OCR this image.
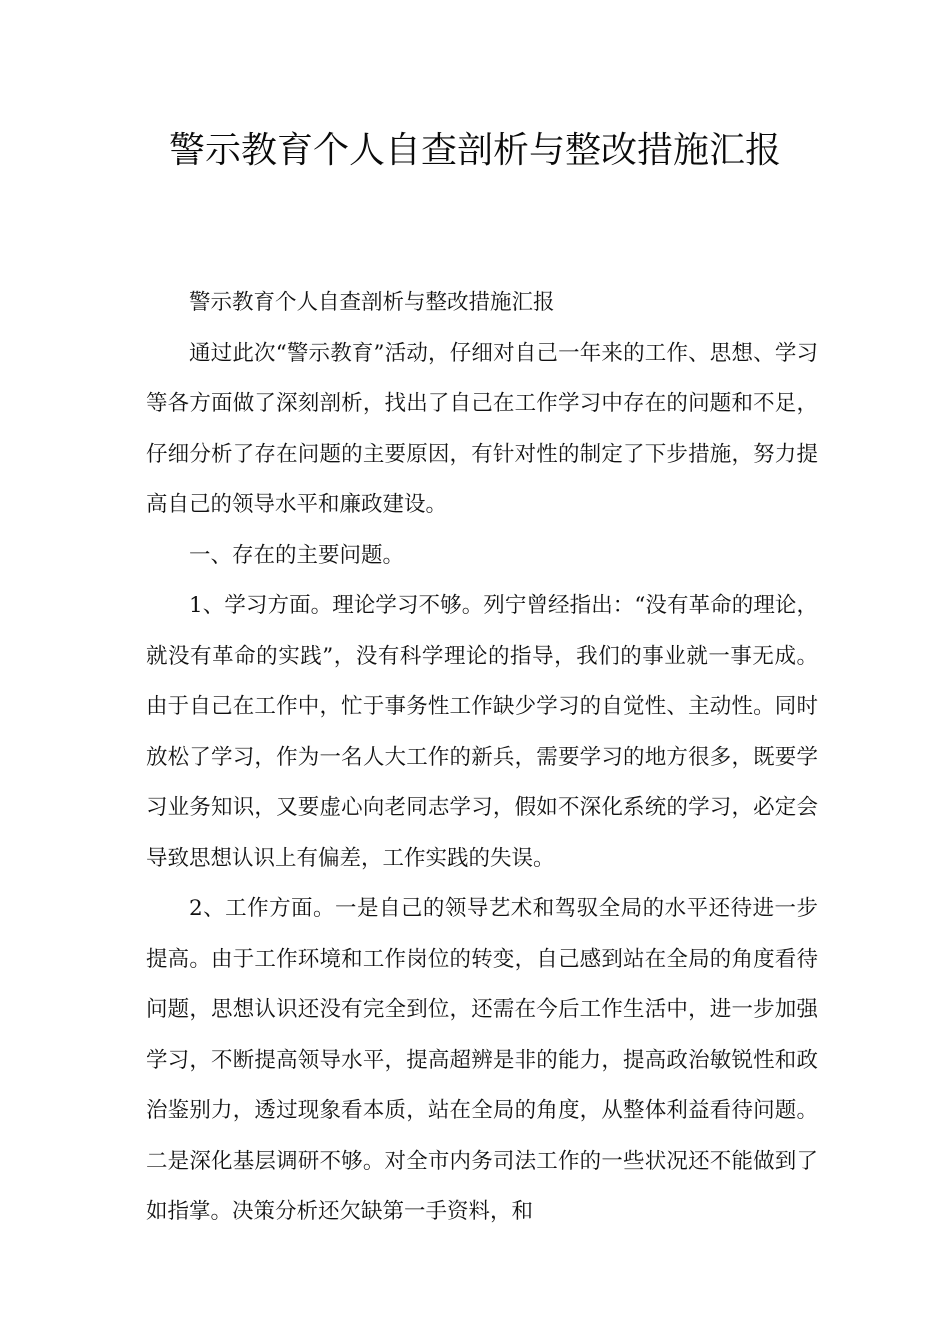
警示教育个人自查剖析与整改措施汇报

警示教育个人自查剖析与整改措施汇报

通过此次“警示教育”活动，仔细对自己一年来的工作、思想、学习等各方面做了深刻剖析，找出了自己在工作学习中存在的问题和不足，仔细分析了存在问题的主要原因，有针对性的制定了下步措施，努力提高自己的领导水平和廉政建设。

一、存在的主要问题。

1、学习方面。理论学习不够。列宁曾经指出：“没有革命的理论，就没有革命的实践”，没有科学理论的指导，我们的事业就一事无成。由于自己在工作中，忙于事务性工作缺少学习的自觉性、主动性。同时放松了学习，作为一名人大工作的新兵，需要学习的地方很多，既要学习业务知识，又要虚心向老同志学习，假如不深化系统的学习，必定会导致思想认识上有偏差，工作实践的失误。

2、工作方面。一是自己的领导艺术和驾驭全局的水平还待进一步提高。由于工作环境和工作岗位的转变，自己感到站在全局的角度看待问题，思想认识还没有完全到位，还需在今后工作生活中，进一步加强学习，不断提高领导水平，提高超辨是非的能力，提高政治敏锐性和政治鉴别力，透过现象看本质，站在全局的角度，从整体利益看待问题。二是深化基层调研不够。对全市内务司法工作的一些状况还不能做到了如指掌。决策分析还欠缺第一手资料，和
